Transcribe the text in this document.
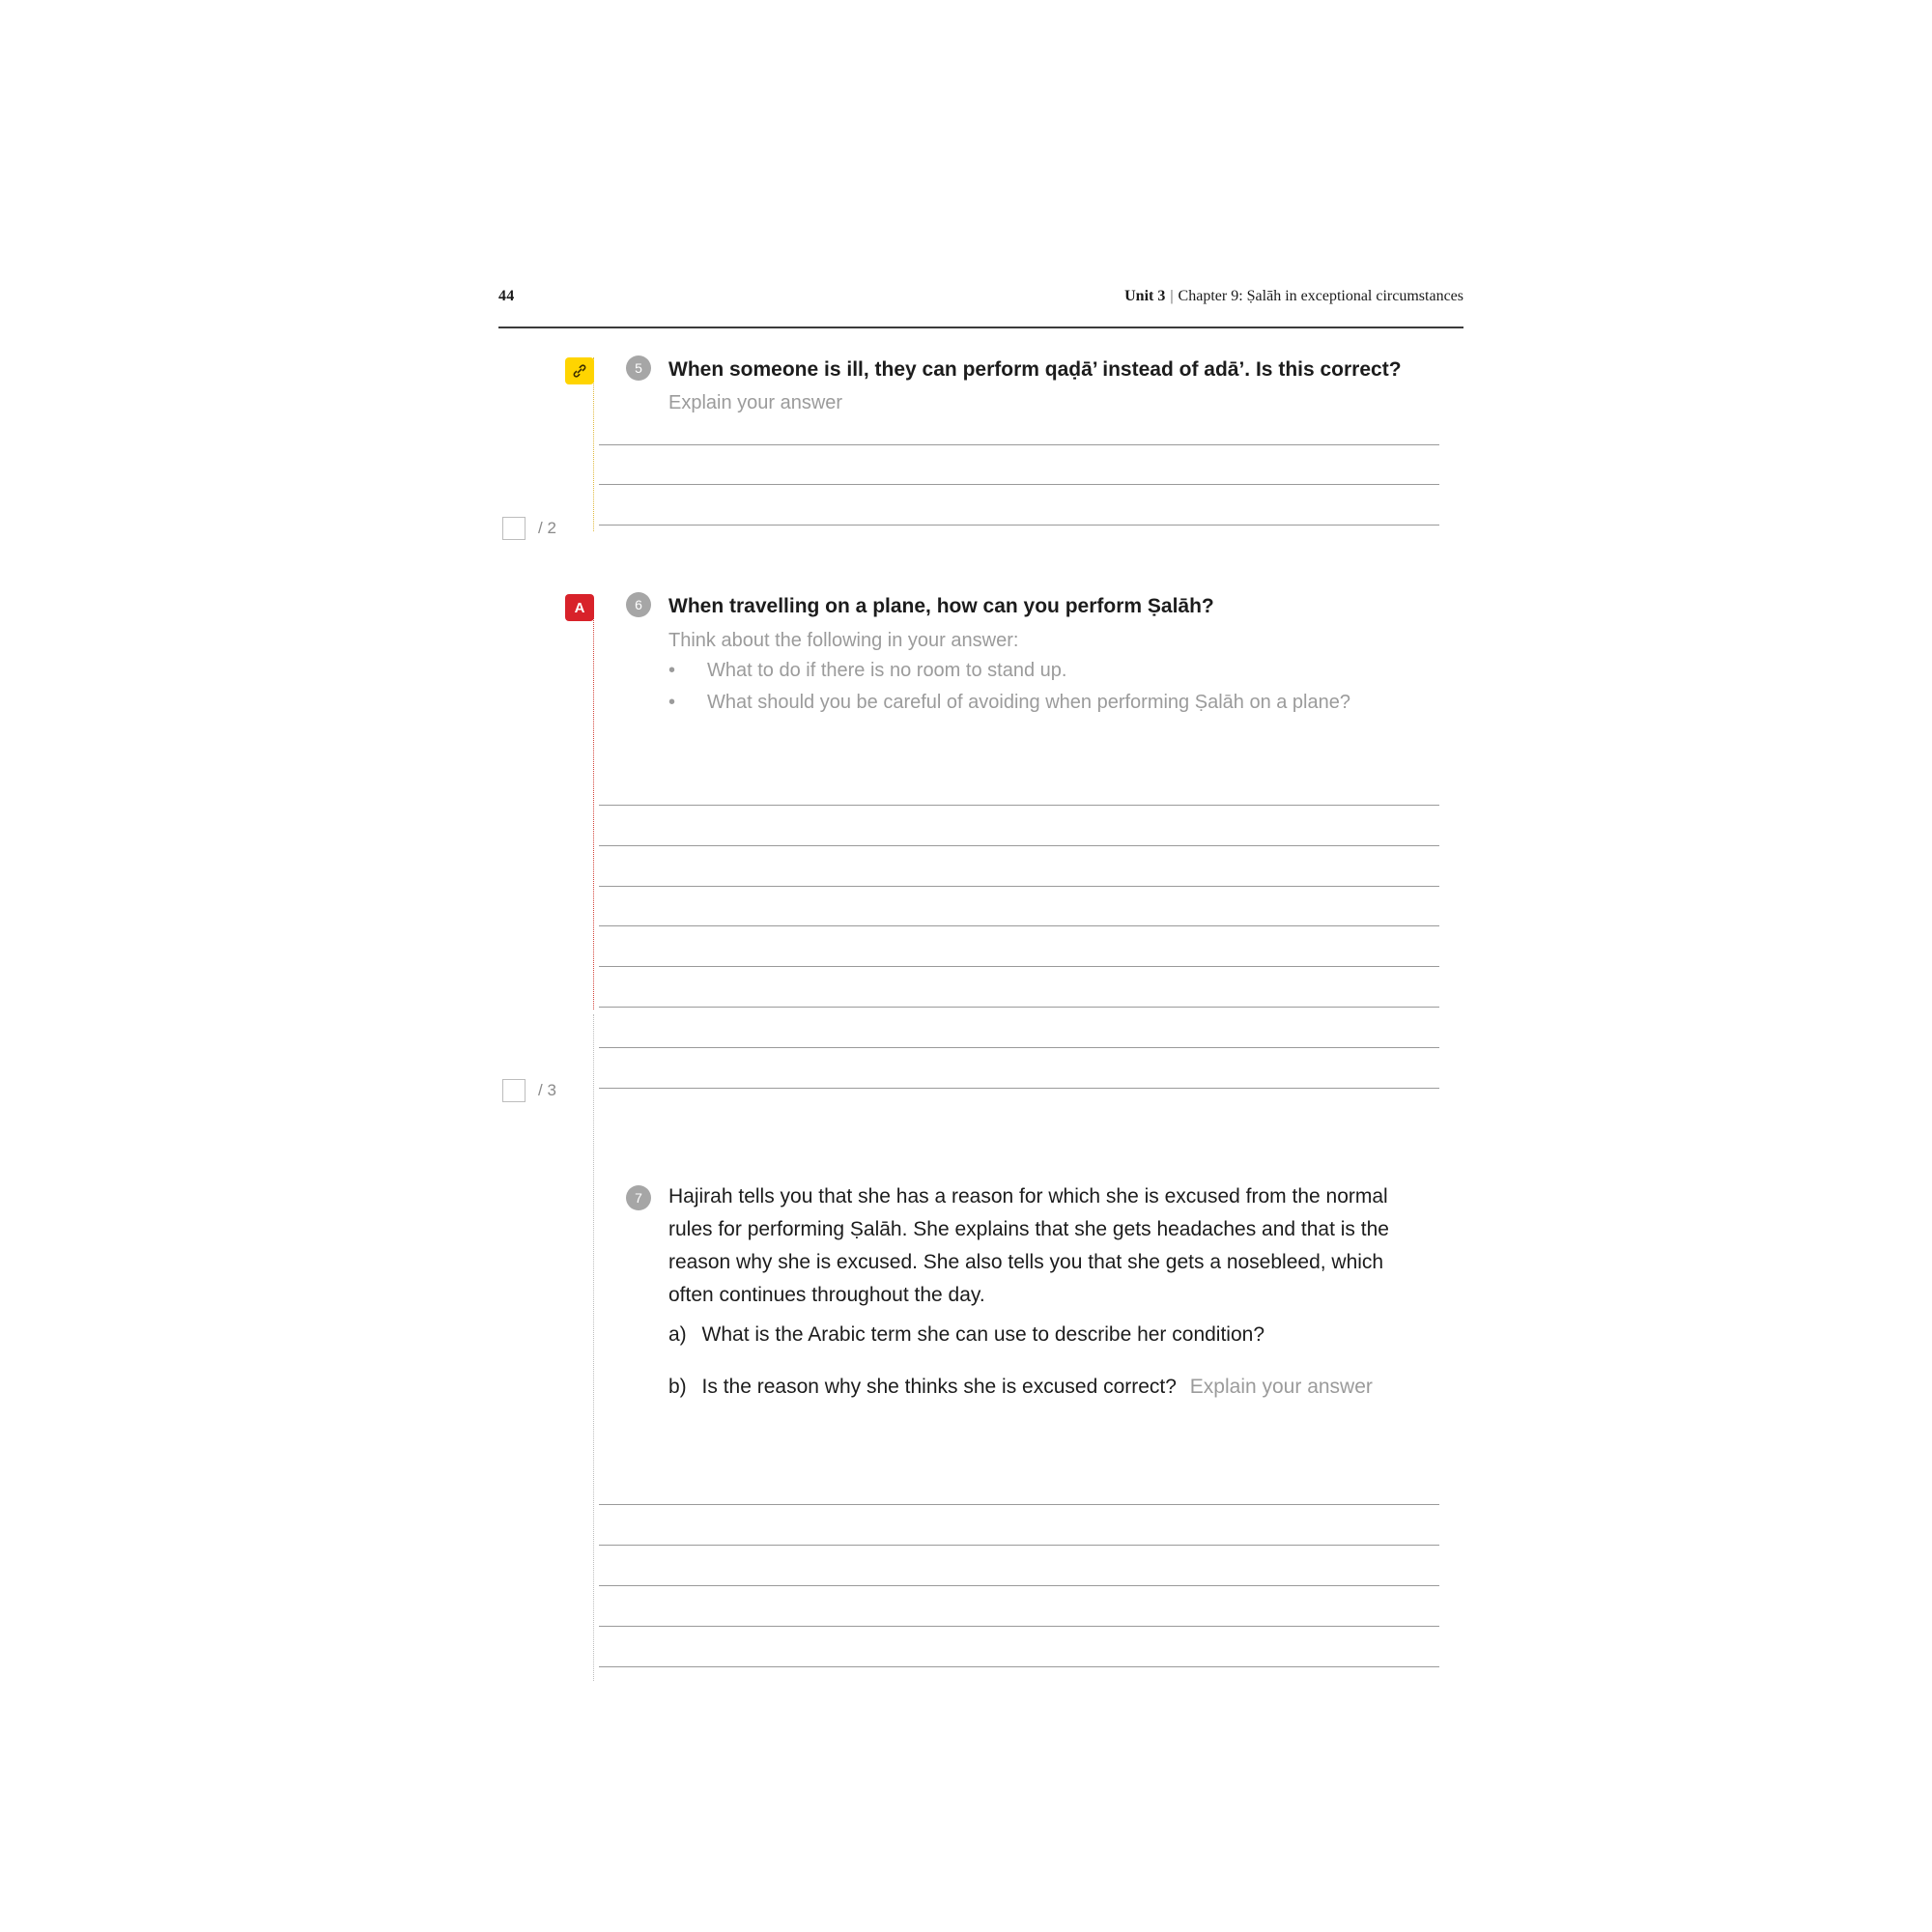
44	Unit 3 | Chapter 9: Ṣalāh in exceptional circumstances
A
5 When someone is ill, they can perform qaḍā’ instead of adā’. Is this correct?
Explain your answer
/ 2
6 When travelling on a plane, how can you perform Ṣalāh?
Think about the following in your answer:
• What to do if there is no room to stand up.
• What should you be careful of avoiding when performing Ṣalāh on a plane?
/ 3
7 Hajirah tells you that she has a reason for which she is excused from the normal rules for performing Ṣalāh. She explains that she gets headaches and that is the reason why she is excused. She also tells you that she gets a nosebleed, which often continues throughout the day.
a) What is the Arabic term she can use to describe her condition?
b) Is the reason why she thinks she is excused correct? Explain your answer
